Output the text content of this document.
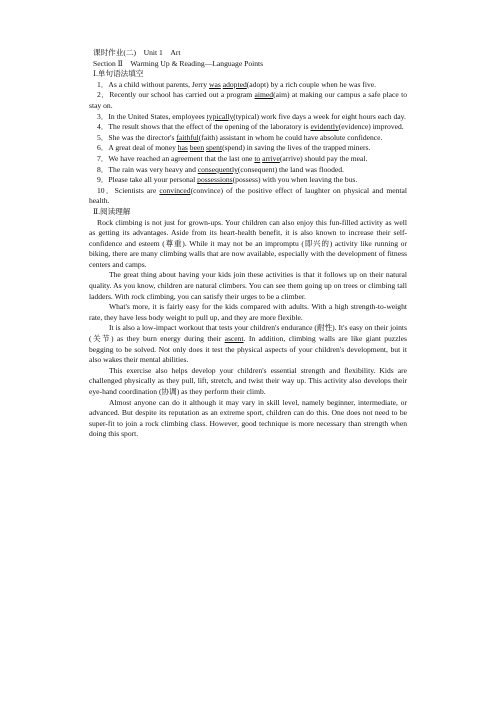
课时作业(二)　Unit 1　Art
Section Ⅱ　Warming Up & Reading—Language Points
Ⅰ.单句语法填空

1．As a child without parents, Jerry was adopted(adopt) by a rich couple when he was five.

2．Recently our school has carried out a program aimed(aim) at making our campus a safe place to stay on.

3．In the United States, employees typically(typical) work five days a week for eight hours each day.

4．The result shows that the effect of the opening of the laboratory is evidently(evidence) improved.

5．She was the director's faithful(faith) assistant in whom he could have absolute confidence.

6．A great deal of money has been spent(spend) in saving the lives of the trapped miners.

7．We have reached an agreement that the last one to arrive(arrive) should pay the meal.

8．The rain was very heavy and consequently(consequent) the land was flooded.

9．Please take all your personal possessions(possess) with you when leaving the bus.

10．Scientists are convinced(convince) of the positive effect of laughter on physical and mental health.

Ⅱ.阅读理解

Rock climbing is not just for grown-ups. Your children can also enjoy this fun-filled activity as well as getting its advantages. Aside from its heart-health benefit, it is also known to increase their self-confidence and esteem (尊重). While it may not be an impromptu (即兴的) activity like running or biking, there are many climbing walls that are now available, especially with the development of fitness centers and camps.

The great thing about having your kids join these activities is that it follows up on their natural quality. As you know, children are natural climbers. You can see them going up on trees or climbing tall ladders. With rock climbing, you can satisfy their urges to be a climber.

What's more, it is fairly easy for the kids compared with adults. With a high strength-to-weight rate, they have less body weight to pull up, and they are more flexible.

It is also a low-impact workout that tests your children's endurance (耐性). It's easy on their joints (关节) as they burn energy during their ascent. In addition, climbing walls are like giant puzzles begging to be solved. Not only does it test the physical aspects of your children's development, but it also wakes their mental abilities.

This exercise also helps develop your children's essential strength and flexibility. Kids are challenged physically as they pull, lift, stretch, and twist their way up. This activity also develops their eye-hand coordination (协调) as they perform their climb.

Almost anyone can do it although it may vary in skill level, namely beginner, intermediate, or advanced. But despite its reputation as an extreme sport, children can do this. One does not need to be super-fit to join a rock climbing class. However, good technique is more necessary than strength when doing this sport.
